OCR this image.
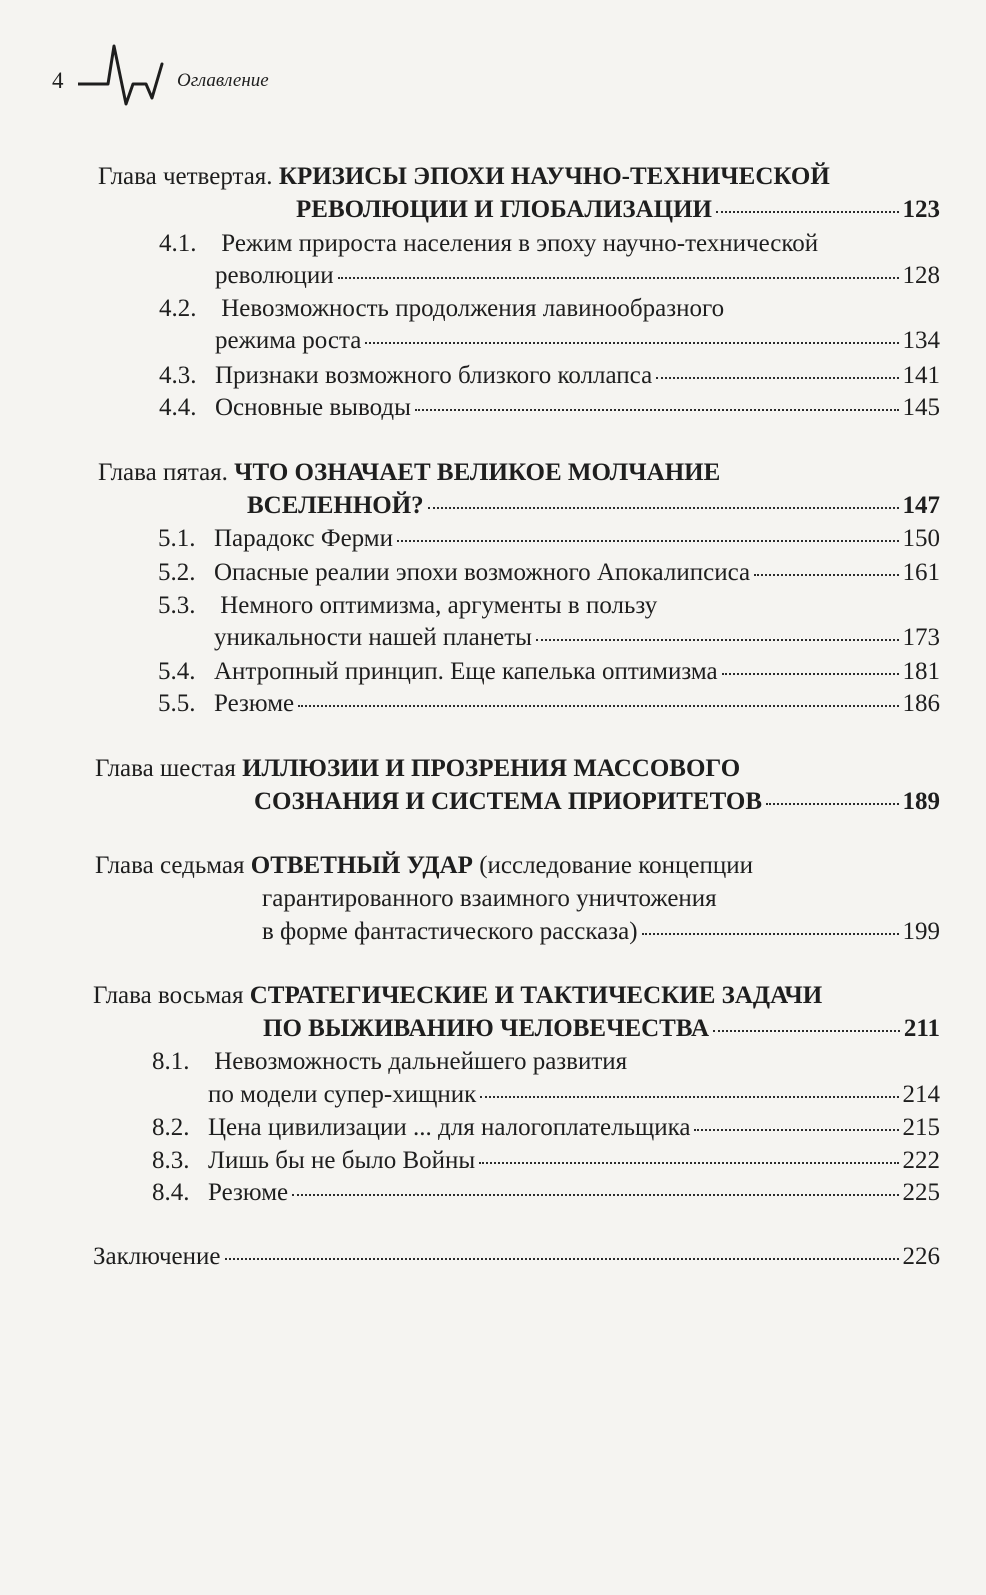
4	Оглавление
Глава четвертая. КРИЗИСЫ ЭПОХИ НАУЧНО-ТЕХНИЧЕСКОЙ
РЕВОЛЮЦИИ И ГЛОБАЛИЗАЦИИ	123
4.1. Режим прироста населения в эпоху научно-технической
революции	128
4.2. Невозможность продолжения лавинообразного
режима роста	134
4.3. Признаки возможного близкого коллапса	141
4.4. Основные выводы	145
Глава пятая. ЧТО ОЗНАЧАЕТ ВЕЛИКОЕ МОЛЧАНИЕ
ВСЕЛЕННОЙ?	147
5.1. Парадокс Ферми	150
5.2. Опасные реалии эпохи возможного Апокалипсиса	161
5.3. Немного оптимизма, аргументы в пользу
уникальности нашей планеты	173
5.4. Антропный принцип. Еще капелька оптимизма	181
5.5. Резюме	186
Глава шестая ИЛЛЮЗИИ И ПРОЗРЕНИЯ МАССОВОГО
СОЗНАНИЯ И СИСТЕМА ПРИОРИТЕТОВ	189
Глава седьмая ОТВЕТНЫЙ УДАР (исследование концепции
гарантированного взаимного уничтожения
в форме фантастического рассказа)	199
Глава восьмая СТРАТЕГИЧЕСКИЕ И ТАКТИЧЕСКИЕ ЗАДАЧИ
ПО ВЫЖИВАНИЮ ЧЕЛОВЕЧЕСТВА	211
8.1. Невозможность дальнейшего развития
по модели супер-хищник	214
8.2. Цена цивилизации ... для налогоплательщика	215
8.3. Лишь бы не было Войны	222
8.4. Резюме	225
Заключение	226
